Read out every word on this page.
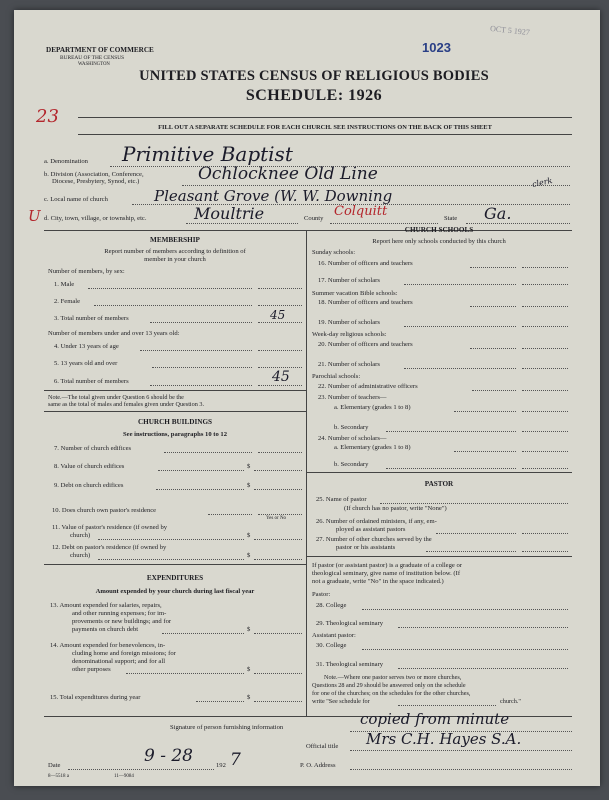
DEPARTMENT OF COMMERCE
BUREAU OF THE CENSUS
WASHINGTON
1023
OCT 5 1927
UNITED STATES CENSUS OF RELIGIOUS BODIES
SCHEDULE: 1926
23
FILL OUT A SEPARATE SCHEDULE FOR EACH CHURCH. SEE INSTRUCTIONS ON THE BACK OF THIS SHEET
a. Denomination Primitive Baptist
b. Division (Association, Conference,
Diocese, Presbytery, Synod, etc.)	Ochlocknee Old Line
c. Local name of church	Pleasant Grove (W. W. Downing
clerk
U d. City, town, village, or township, etc.	Moultrie	County Colquitt	State Ga.
MEMBERSHIP
Report number of members according to definition of
member in your church
Number of members, by sex:
1. Male
2. Female
3. Total number of members	45
Number of members under and over 13 years old:
4. Under 13 years of age
5. 13 years old and over
6. Total number of members	45
Note.—The total given under Question 6 should be the
same as the total of males and females given under Question 3.
CHURCH BUILDINGS
See instructions, paragraphs 10 to 12
7. Number of church edifices
8. Value of church edifices	$
9. Debt on church edifices	$
10. Does church own pastor's residence
Yes or No
11. Value of pastor's residence (if owned by
church)	$
12. Debt on pastor's residence (if owned by
church)	$
EXPENDITURES
Amount expended by your church during last fiscal year
13. Amount expended for salaries, repairs,
and other running expenses; for im-
provements or new buildings; and for
payments on church debt	$
14. Amount expended for benevolences, in-
cluding home and foreign missions; for
denominational support; and for all
other purposes	$
15. Total expenditures during year	$
CHURCH SCHOOLS
Report here only schools conducted by this church
Sunday schools:
16. Number of officers and teachers
17. Number of scholars
Summer vacation Bible schools:
18. Number of officers and teachers
19. Number of scholars
Week-day religious schools:
20. Number of officers and teachers
21. Number of scholars
Parochial schools:
22. Number of administrative officers
23. Number of teachers—
a. Elementary (grades 1 to 8)
b. Secondary
24. Number of scholars—
a. Elementary (grades 1 to 8)
b. Secondary
PASTOR
25. Name of pastor
(If church has no pastor, write "None")
26. Number of ordained ministers, if any, em-
ployed as assistant pastors
27. Number of other churches served by the
pastor or his assistants
If pastor (or assistant pastor) is a graduate of a college or
theological seminary, give name of institution below. (If
not a graduate, write "No" in the space indicated.)
Pastor:
28. College
29. Theological seminary
Assistant pastor:
30. College
31. Theological seminary
Note.—Where one pastor serves two or more churches,
Questions 28 and 29 should be answered only on the schedule
for one of the churches; on the schedules for the other churches,
write "See schedule for	church."
Signature of person furnishing information	copied from minute
Official title Mrs C.H. Hayes S.A.
Date	9 - 28	192 7	P. O. Address
8—5518 a	11—9084
